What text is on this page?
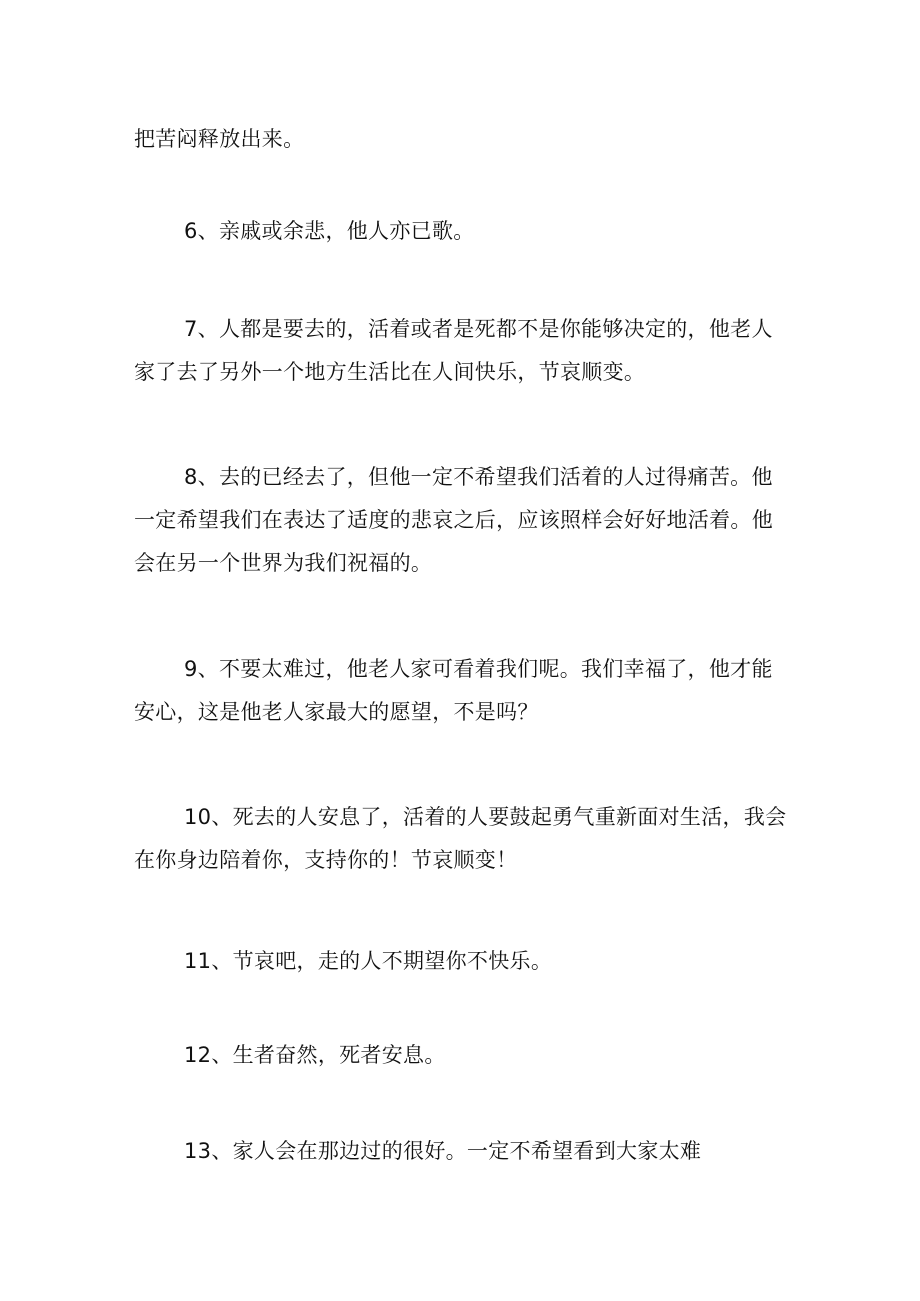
把苦闷释放出来。

6、亲戚或余悲，他人亦已歌。

7、人都是要去的，活着或者是死都不是你能够决定的，他老人
家了去了另外一个地方生活比在人间快乐，节哀顺变。

8、去的已经去了，但他一定不希望我们活着的人过得痛苦。他
一定希望我们在表达了适度的悲哀之后，应该照样会好好地活着。他
会在另一个世界为我们祝福的。

9、不要太难过，他老人家可看着我们呢。我们幸福了，他才能
安心，这是他老人家最大的愿望，不是吗？

10、死去的人安息了，活着的人要鼓起勇气重新面对生活，我会
在你身边陪着你，支持你的！节哀顺变！

11、节哀吧，走的人不期望你不快乐。

12、生者奋然，死者安息。

13、家人会在那边过的很好。一定不希望看到大家太难
